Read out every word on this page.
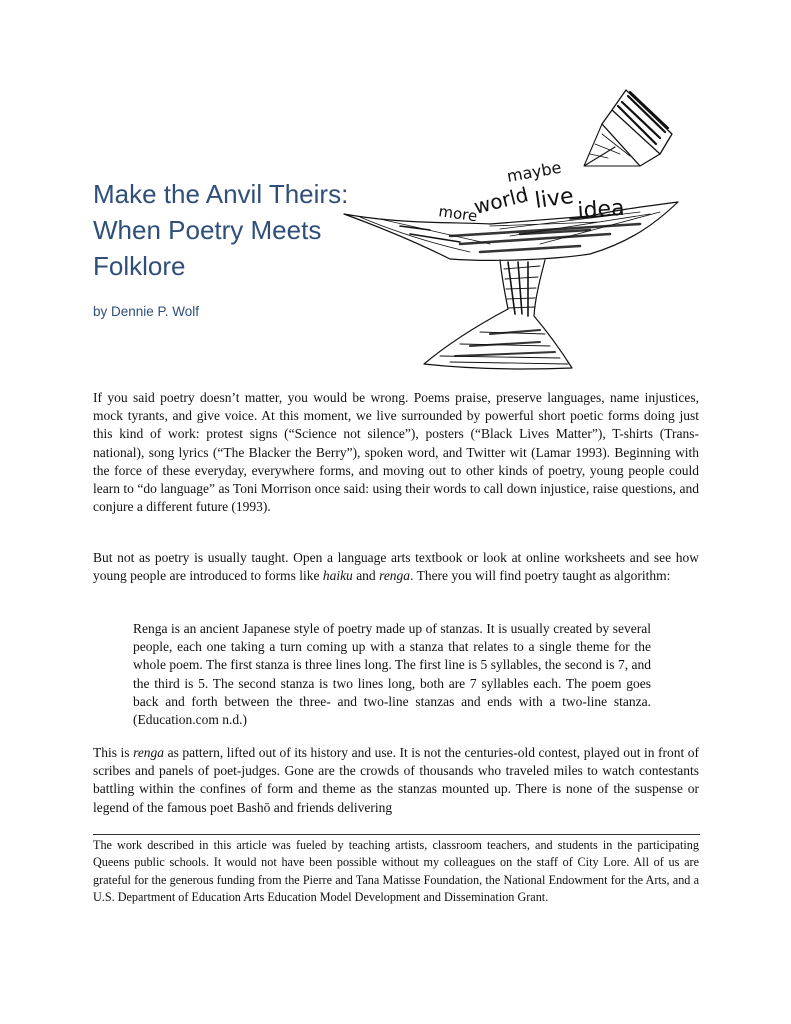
Make the Anvil Theirs:
When Poetry Meets
Folklore

by Dennie P. Wolf

maybe
more
world live idea

If you said poetry doesn’t matter, you would be wrong. Poems praise, preserve languages, name injustices, mock tyrants, and give voice. At this moment, we live surrounded by powerful short poetic forms doing just this kind of work: protest signs (“Science not silence”), posters (“Black Lives Matter”), T-shirts (Trans-national), song lyrics (“The Blacker the Berry”), spoken word, and Twitter wit (Lamar 1993). Beginning with the force of these everyday, everywhere forms, and moving out to other kinds of poetry, young people could learn to “do language” as Toni Morrison once said: using their words to call down injustice, raise questions, and conjure a different future (1993).

But not as poetry is usually taught. Open a language arts textbook or look at online worksheets and see how young people are introduced to forms like haiku and renga. There you will find poetry taught as algorithm:

Renga is an ancient Japanese style of poetry made up of stanzas. It is usually created by several people, each one taking a turn coming up with a stanza that relates to a single theme for the whole poem. The first stanza is three lines long. The first line is 5 syllables, the second is 7, and the third is 5. The second stanza is two lines long, both are 7 syllables each. The poem goes back and forth between the three- and two-line stanzas and ends with a two-line stanza. (Education.com n.d.)

This is renga as pattern, lifted out of its history and use. It is not the centuries-old contest, played out in front of scribes and panels of poet-judges. Gone are the crowds of thousands who traveled miles to watch contestants battling within the confines of form and theme as the stanzas mounted up. There is none of the suspense or legend of the famous poet Bashō and friends delivering

The work described in this article was fueled by teaching artists, classroom teachers, and students in the participating Queens public schools. It would not have been possible without my colleagues on the staff of City Lore. All of us are grateful for the generous funding from the Pierre and Tana Matisse Foundation, the National Endowment for the Arts, and a U.S. Department of Education Arts Education Model Development and Dissemination Grant.
